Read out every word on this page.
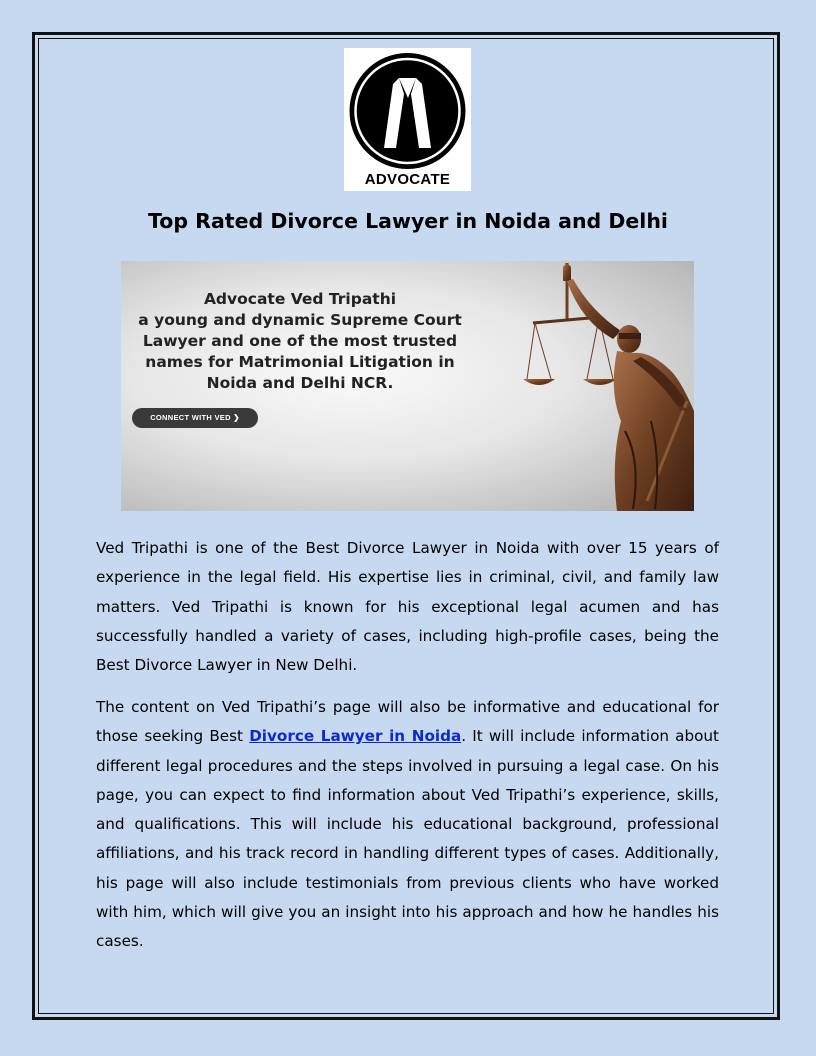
ADVOCATE
Top Rated Divorce Lawyer in Noida and Delhi
Advocate Ved Tripathi
a young and dynamic Supreme Court
Lawyer and one of the most trusted
names for Matrimonial Litigation in
Noida and Delhi NCR.
CONNECT WITH VED ❯

Ved Tripathi is one of the Best Divorce Lawyer in Noida with over 15 years of experience in the legal field. His expertise lies in criminal, civil, and family law matters. Ved Tripathi is known for his exceptional legal acumen and has successfully handled a variety of cases, including high-profile cases, being the Best Divorce Lawyer in New Delhi.

The content on Ved Tripathi’s page will also be informative and educational for those seeking Best Divorce Lawyer in Noida. It will include information about different legal procedures and the steps involved in pursuing a legal case. On his page, you can expect to find information about Ved Tripathi’s experience, skills, and qualifications. This will include his educational background, professional affiliations, and his track record in handling different types of cases. Additionally, his page will also include testimonials from previous clients who have worked with him, which will give you an insight into his approach and how he handles his cases.
